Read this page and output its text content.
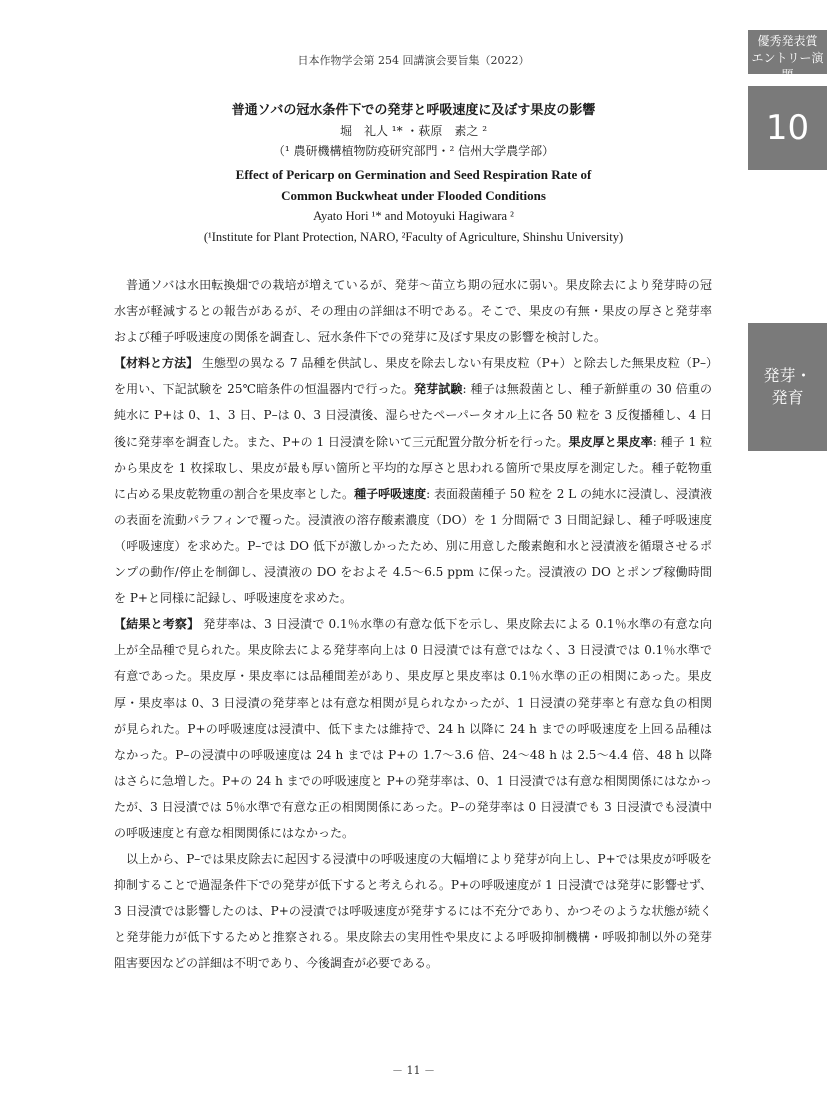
日本作物学会第 254 回講演会要旨集（2022）
優秀発表賞
エントリー演題
10
発芽・
発育
普通ソバの冠水条件下での発芽と呼吸速度に及ぼす果皮の影響
堀　礼人 ¹* ・萩原　素之 ²
（¹ 農研機構植物防疫研究部門・² 信州大学農学部）
Effect of Pericarp on Germination and Seed Respiration Rate of
Common Buckwheat under Flooded Conditions
Ayato Hori ¹* and Motoyuki Hagiwara ²
(¹Institute for Plant Protection, NARO, ²Faculty of Agriculture, Shinshu University)

普通ソバは水田転換畑での栽培が増えているが、発芽～苗立ち期の冠水に弱い。果皮除去により発芽時の冠水害が軽減するとの報告があるが、その理由の詳細は不明である。そこで、果皮の有無・果皮の厚さと発芽率および種子呼吸速度の関係を調査し、冠水条件下での発芽に及ぼす果皮の影響を検討した。

【材料と方法】 生態型の異なる 7 品種を供試し、果皮を除去しない有果皮粒（P+）と除去した無果皮粒（P–）を用い、下記試験を 25℃暗条件の恒温器内で行った。発芽試験: 種子は無殺菌とし、種子新鮮重の 30 倍重の純水に P+は 0、1、3 日、P–は 0、3 日浸漬後、湿らせたペーパータオル上に各 50 粒を 3 反復播種し、4 日後に発芽率を調査した。また、P+の 1 日浸漬を除いて三元配置分散分析を行った。果皮厚と果皮率: 種子 1 粒から果皮を 1 枚採取し、果皮が最も厚い箇所と平均的な厚さと思われる箇所で果皮厚を測定した。種子乾物重に占める果皮乾物重の割合を果皮率とした。種子呼吸速度: 表面殺菌種子 50 粒を 2 L の純水に浸漬し、浸漬液の表面を流動パラフィンで覆った。浸漬液の溶存酸素濃度（DO）を 1 分間隔で 3 日間記録し、種子呼吸速度（呼吸速度）を求めた。P–では DO 低下が激しかったため、別に用意した酸素飽和水と浸漬液を循環させるポンプの動作/停止を制御し、浸漬液の DO をおよそ 4.5～6.5 ppm に保った。浸漬液の DO とポンプ稼働時間を P+と同様に記録し、呼吸速度を求めた。

【結果と考察】 発芽率は、3 日浸漬で 0.1％水準の有意な低下を示し、果皮除去による 0.1％水準の有意な向上が全品種で見られた。果皮除去による発芽率向上は 0 日浸漬では有意ではなく、3 日浸漬では 0.1％水準で有意であった。果皮厚・果皮率には品種間差があり、果皮厚と果皮率は 0.1％水準の正の相関にあった。果皮厚・果皮率は 0、3 日浸漬の発芽率とは有意な相関が見られなかったが、1 日浸漬の発芽率と有意な負の相関が見られた。P+の呼吸速度は浸漬中、低下または維持で、24 h 以降に 24 h までの呼吸速度を上回る品種はなかった。P–の浸漬中の呼吸速度は 24 h までは P+の 1.7～3.6 倍、24～48 h は 2.5～4.4 倍、48 h 以降はさらに急増した。P+の 24 h までの呼吸速度と P+の発芽率は、0、1 日浸漬では有意な相関関係にはなかったが、3 日浸漬では 5％水準で有意な正の相関関係にあった。P–の発芽率は 0 日浸漬でも 3 日浸漬でも浸漬中の呼吸速度と有意な相関関係にはなかった。

以上から、P–では果皮除去に起因する浸漬中の呼吸速度の大幅増により発芽が向上し、P+では果皮が呼吸を抑制することで過湿条件下での発芽が低下すると考えられる。P+の呼吸速度が 1 日浸漬では発芽に影響せず、3 日浸漬では影響したのは、P+の浸漬では呼吸速度が発芽するには不充分であり、かつそのような状態が続くと発芽能力が低下するためと推察される。果皮除去の実用性や果皮による呼吸抑制機構・呼吸抑制以外の発芽阻害要因などの詳細は不明であり、今後調査が必要である。

－ 11 －
